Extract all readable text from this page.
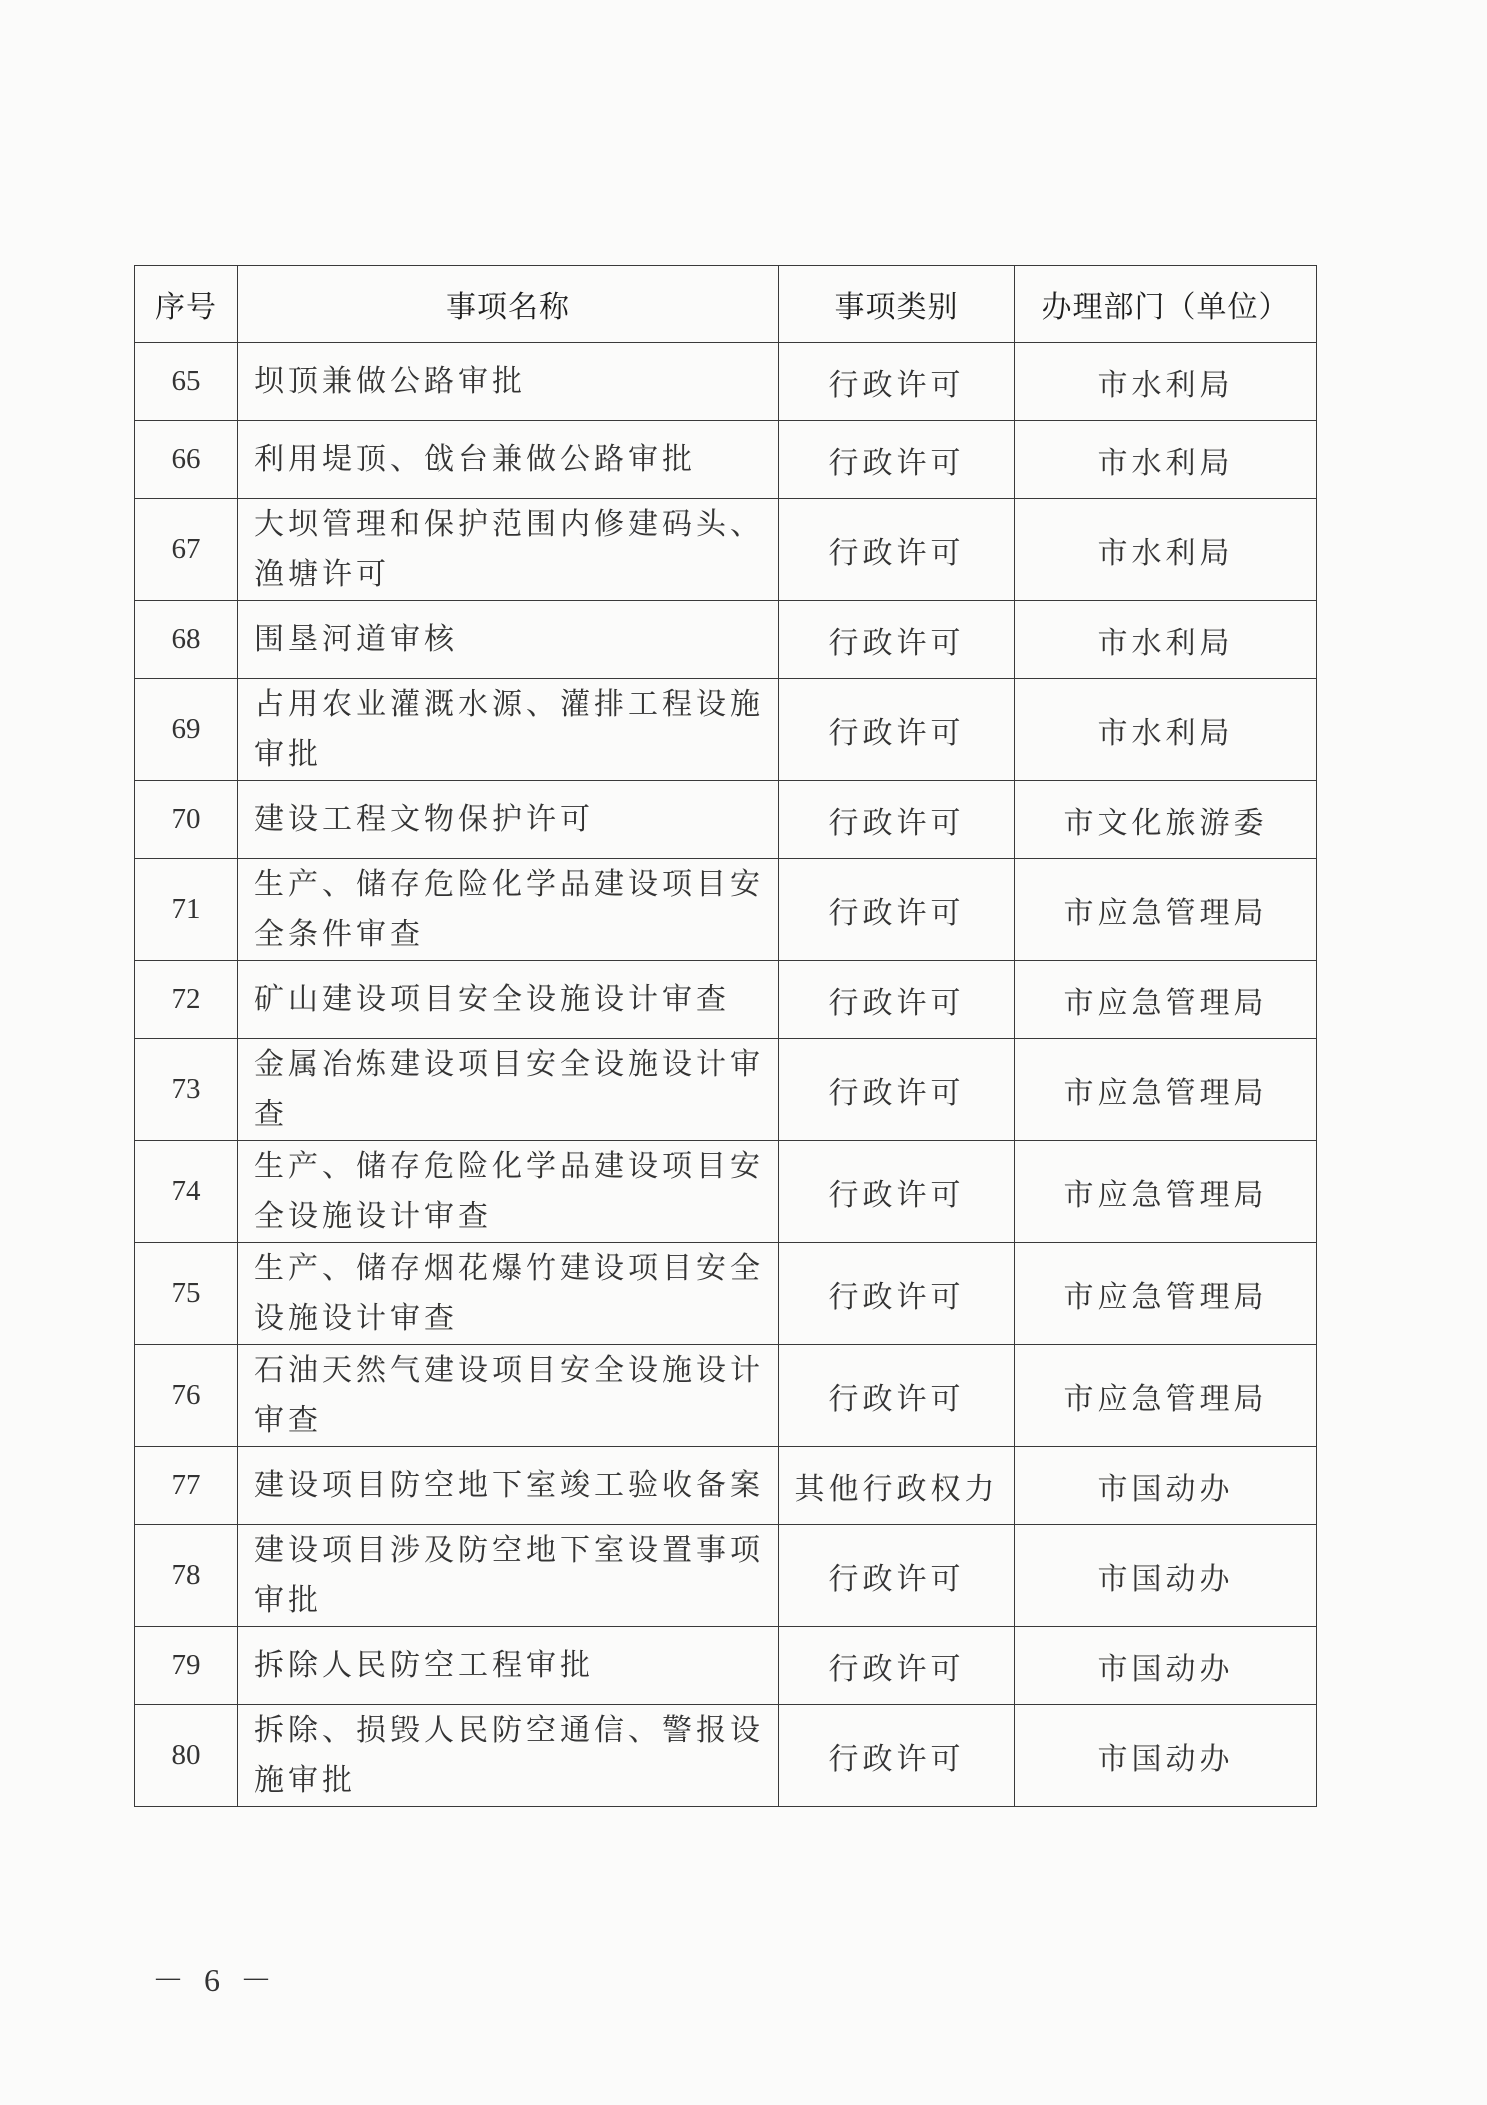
序号	事项名称	事项类别	办理部门（单位）
65	坝顶兼做公路审批	行政许可	市水利局
66	利用堤顶、戗台兼做公路审批	行政许可	市水利局
67	大坝管理和保护范围内修建码头、渔塘许可	行政许可	市水利局
68	围垦河道审核	行政许可	市水利局
69	占用农业灌溉水源、灌排工程设施审批	行政许可	市水利局
70	建设工程文物保护许可	行政许可	市文化旅游委
71	生产、储存危险化学品建设项目安全条件审查	行政许可	市应急管理局
72	矿山建设项目安全设施设计审查	行政许可	市应急管理局
73	金属冶炼建设项目安全设施设计审查	行政许可	市应急管理局
74	生产、储存危险化学品建设项目安全设施设计审查	行政许可	市应急管理局
75	生产、储存烟花爆竹建设项目安全设施设计审查	行政许可	市应急管理局
76	石油天然气建设项目安全设施设计审查	行政许可	市应急管理局
77	建设项目防空地下室竣工验收备案	其他行政权力	市国动办
78	建设项目涉及防空地下室设置事项审批	行政许可	市国动办
79	拆除人民防空工程审批	行政许可	市国动办
80	拆除、损毁人民防空通信、警报设施审批	行政许可	市国动办
－ 6 －
